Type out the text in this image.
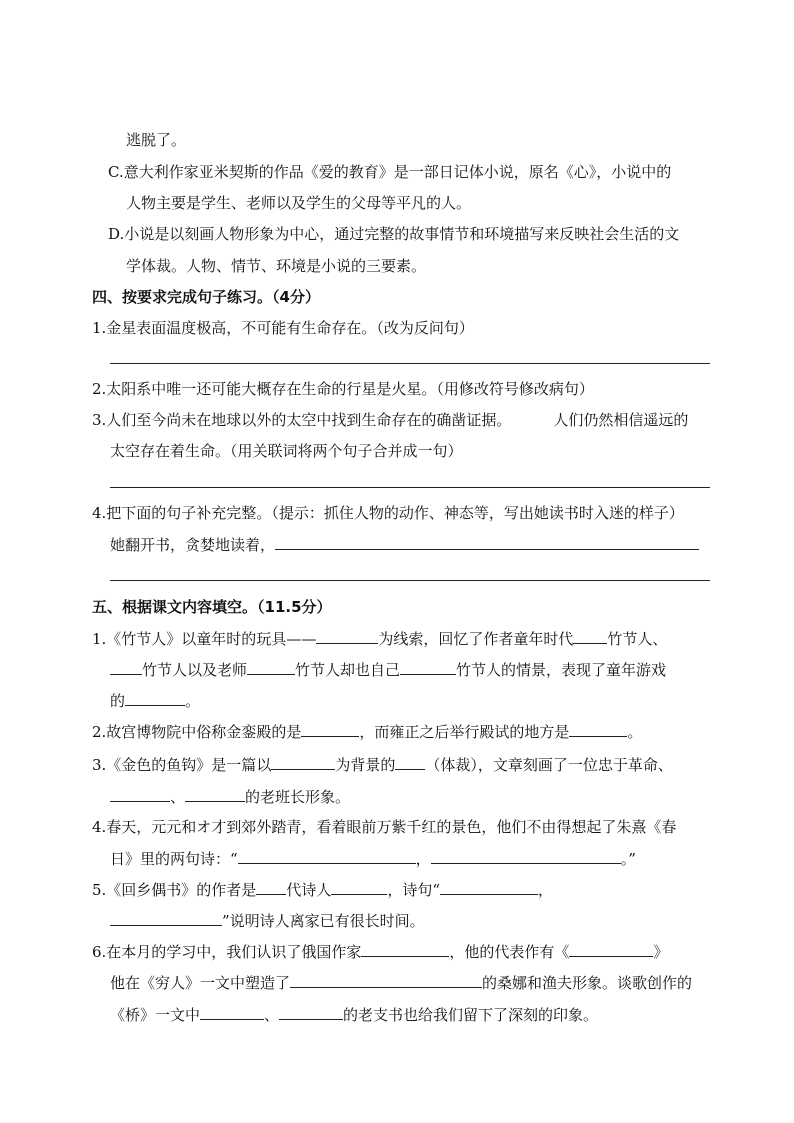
逃脱了。
C.意大利作家亚米契斯的作品《爱的教育》是一部日记体小说，原名《心》，小说中的
人物主要是学生、老师以及学生的父母等平凡的人。
D.小说是以刻画人物形象为中心，通过完整的故事情节和环境描写来反映社会生活的文
学体裁。人物、情节、环境是小说的三要素。
四、按要求完成句子练习。（4分）
1.金星表面温度极高，不可能有生命存在。（改为反问句）
2.太阳系中唯一还可能大概存在生命的行星是火星。（用修改符号修改病句）
3.人们至今尚未在地球以外的太空中找到生命存在的确凿证据。	人们仍然相信遥远的
太空存在着生命。（用关联词将两个句子合并成一句）
4.把下面的句子补充完整。（提示：抓住人物的动作、神态等，写出她读书时入迷的样子）
她翻开书，贪婪地读着，
五、根据课文内容填空。（11.5分）
1.《竹节人》以童年时的玩具——	为线索，回忆了作者童年时代 竹节人、
竹节人以及老师	竹节人却也自己	竹节人的情景，表现了童年游戏
的	。
2.故宫博物院中俗称金銮殿的是	，而雍正之后举行殿试的地方是	。
3.《金色的鱼钩》是一篇以	为背景的 （体裁），文章刻画了一位忠于革命、
、	的老班长形象。
4.春天，元元和オ才到郊外踏青，看着眼前万紫千红的景色，他们不由得想起了朱熹《春
日》里的两句诗：“	，	。”
5.《回乡偶书》的作者是 代诗人	，诗句“	，
”说明诗人离家已有很长时间。
6.在本月的学习中，我们认识了俄国作家	，他的代表作有《	》
他在《穷人》一文中塑造了	的桑娜和渔夫形象。谈歌创作的
《桥》一文中	、	的老支书也给我们留下了深刻的印象。
